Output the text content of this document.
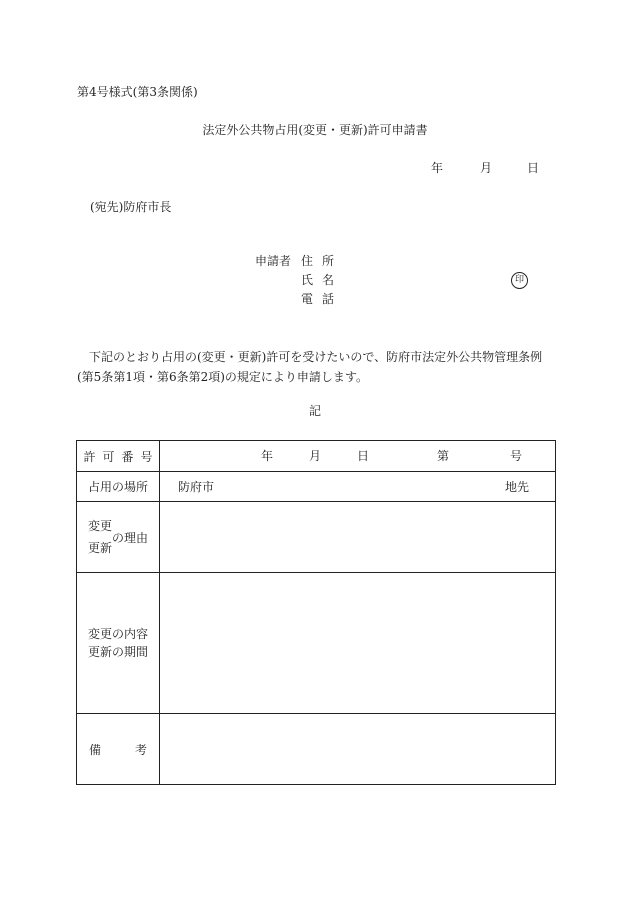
第4号様式(第3条関係)
法定外公共物占用(変更・更新)許可申請書
年	月	日
(宛先)防府市長
申請者 住所
氏名
電話
印
下記のとおり占用の(変更・更新)許可を受けたいので、防府市法定外公共物管理条例(第5条第1項・第6条第2項)の規定により申請します。
記
許可番号	年 月 日 第 号

占用の場所	防府市 地先

変更
更新
の理由	

変更の内容
更新の期間	

備 考	
